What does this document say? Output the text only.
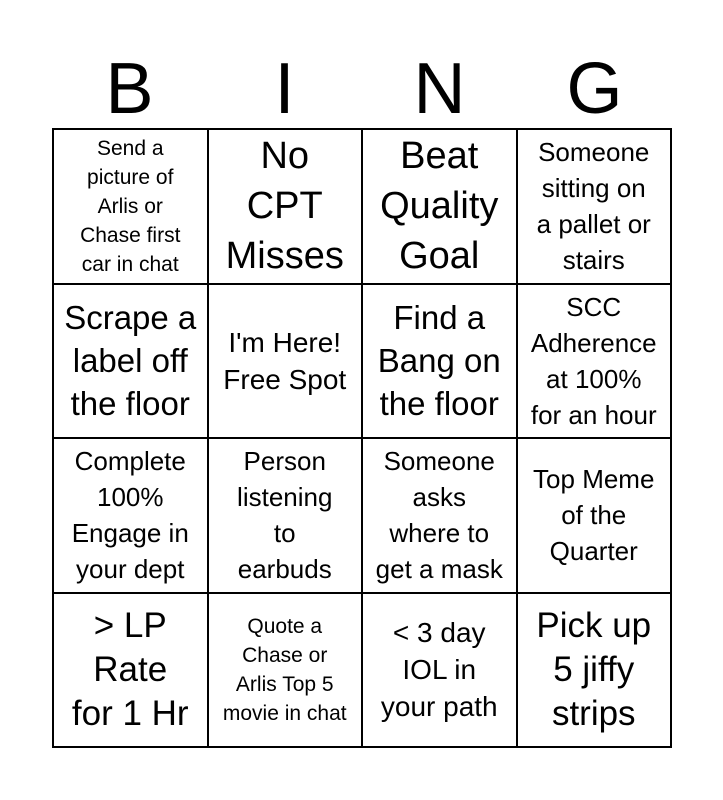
B	I	N	G
Send a
picture of
Arlis or
Chase first
car in chat
No
CPT
Misses
Beat
Quality
Goal
Someone
sitting on
a pallet or
stairs
Scrape a
label off
the floor
I'm Here!
Free Spot
Find a
Bang on
the floor
SCC
Adherence
at 100%
for an hour
Complete
100%
Engage in
your dept
Person
listening
to
earbuds
Someone
asks
where to
get a mask
Top Meme
of the
Quarter
> LP
Rate
for 1 Hr
Quote a
Chase or
Arlis Top 5
movie in chat
< 3 day
IOL in
your path
Pick up
5 jiffy
strips
